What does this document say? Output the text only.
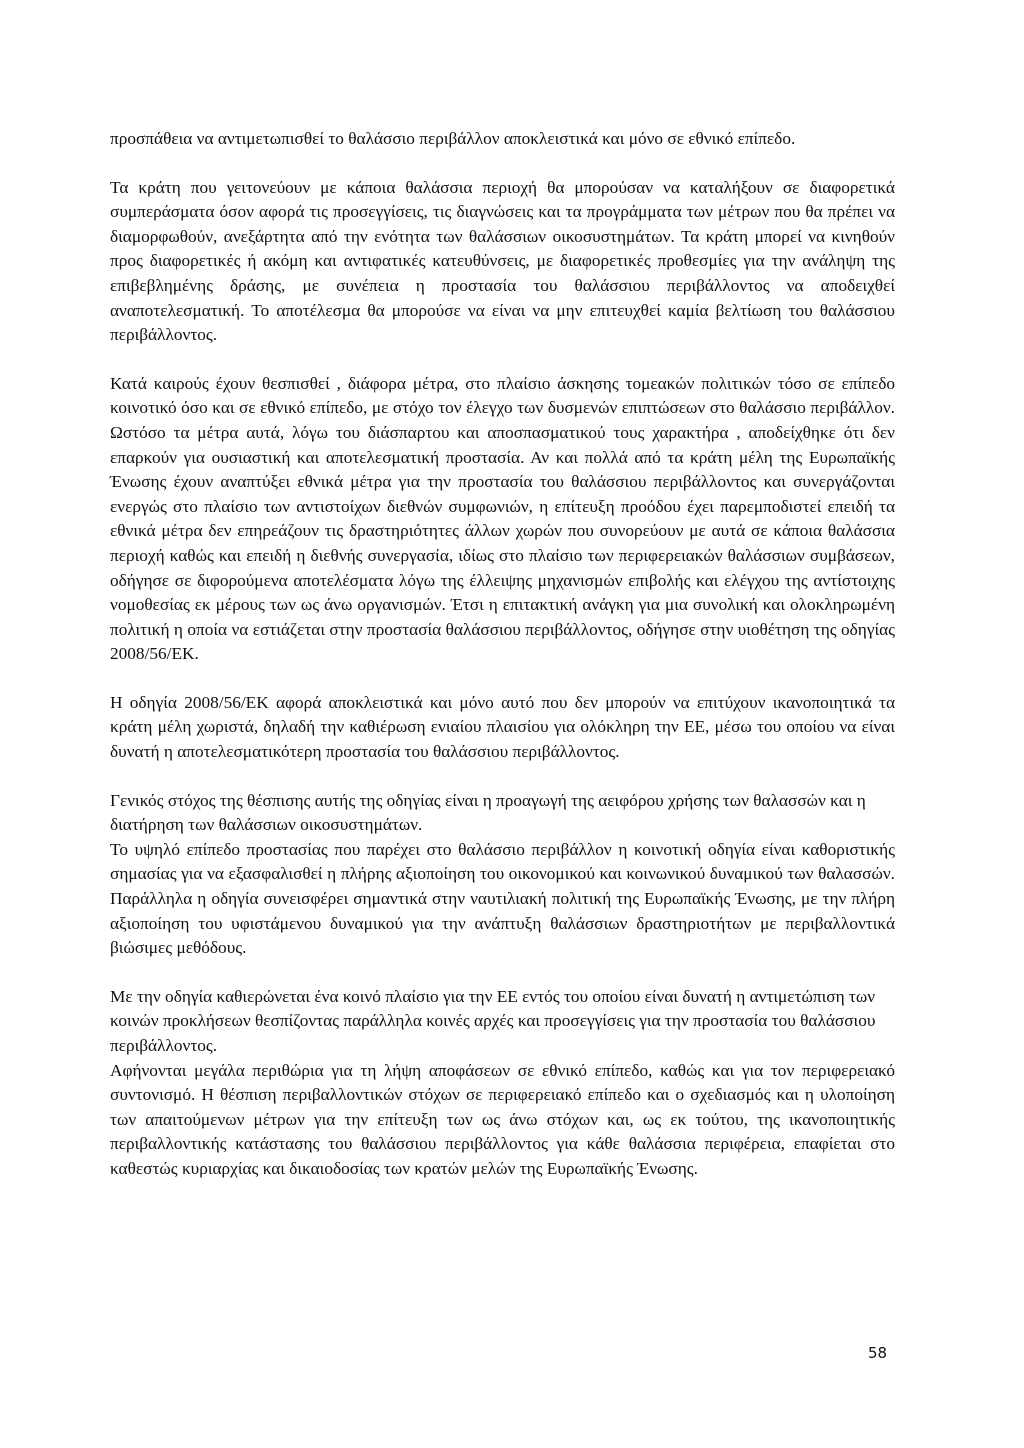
προσπάθεια να αντιμετωπισθεί το θαλάσσιο περιβάλλον αποκλειστικά και μόνο σε εθνικό επίπεδο.

Τα κράτη που γειτονεύουν με κάποια θαλάσσια περιοχή θα μπορούσαν να καταλήξουν σε διαφορετικά συμπεράσματα όσον αφορά τις προσεγγίσεις, τις διαγνώσεις και τα προγράμματα των μέτρων που θα πρέπει να διαμορφωθούν, ανεξάρτητα από την ενότητα των θαλάσσιων οικοσυστημάτων. Τα κράτη μπορεί να κινηθούν προς διαφορετικές ή ακόμη και αντιφατικές κατευθύνσεις, με διαφορετικές προθεσμίες για την ανάληψη της επιβεβλημένης δράσης, με συνέπεια η προστασία του θαλάσσιου περιβάλλοντος να αποδειχθεί αναποτελεσματική. Το αποτέλεσμα θα μπορούσε να είναι να μην επιτευχθεί καμία βελτίωση του θαλάσσιου περιβάλλοντος.

Κατά καιρούς έχουν θεσπισθεί , διάφορα μέτρα, στο πλαίσιο άσκησης τομεακών πολιτικών τόσο σε επίπεδο κοινοτικό όσο και σε εθνικό επίπεδο, με στόχο τον έλεγχο των δυσμενών επιπτώσεων στο θαλάσσιο περιβάλλον. Ωστόσο τα μέτρα αυτά, λόγω του διάσπαρτου και αποσπασματικού τους χαρακτήρα , αποδείχθηκε ότι δεν επαρκούν για ουσιαστική και αποτελεσματική προστασία. Αν και πολλά από τα κράτη μέλη της Ευρωπαϊκής Ένωσης έχουν αναπτύξει εθνικά μέτρα για την προστασία του θαλάσσιου περιβάλλοντος και συνεργάζονται ενεργώς στο πλαίσιο των αντιστοίχων διεθνών συμφωνιών, η επίτευξη προόδου έχει παρεμποδιστεί επειδή τα εθνικά μέτρα δεν επηρεάζουν τις δραστηριότητες άλλων χωρών που συνορεύουν με αυτά σε κάποια θαλάσσια περιοχή καθώς και επειδή η διεθνής συνεργασία, ιδίως στο πλαίσιο των περιφερειακών θαλάσσιων συμβάσεων, οδήγησε σε διφορούμενα αποτελέσματα λόγω της έλλειψης μηχανισμών επιβολής και ελέγχου της αντίστοιχης νομοθεσίας εκ μέρους των ως άνω οργανισμών. Έτσι η επιτακτική ανάγκη για μια συνολική και ολοκληρωμένη πολιτική η οποία να εστιάζεται στην προστασία θαλάσσιου περιβάλλοντος, οδήγησε στην υιοθέτηση της οδηγίας 2008/56/ΕΚ.

Η οδηγία 2008/56/ΕΚ αφορά αποκλειστικά και μόνο αυτό που δεν μπορούν να επιτύχουν ικανοποιητικά τα κράτη μέλη χωριστά, δηλαδή την καθιέρωση ενιαίου πλαισίου για ολόκληρη την ΕΕ, μέσω του οποίου να είναι δυνατή η αποτελεσματικότερη προστασία του θαλάσσιου περιβάλλοντος.

Γενικός στόχος της θέσπισης αυτής της οδηγίας είναι η προαγωγή της αειφόρου χρήσης των θαλασσών και η διατήρηση των θαλάσσιων οικοσυστημάτων.

Το υψηλό επίπεδο προστασίας που παρέχει στο θαλάσσιο περιβάλλον η κοινοτική οδηγία είναι καθοριστικής σημασίας για να εξασφαλισθεί η πλήρης αξιοποίηση του οικονομικού και κοινωνικού δυναμικού των θαλασσών. Παράλληλα η οδηγία συνεισφέρει σημαντικά στην ναυτιλιακή πολιτική της Ευρωπαϊκής Ένωσης, με την πλήρη αξιοποίηση του υφιστάμενου δυναμικού για την ανάπτυξη θαλάσσιων δραστηριοτήτων με περιβαλλοντικά βιώσιμες μεθόδους.

Με την οδηγία καθιερώνεται ένα κοινό πλαίσιο για την ΕΕ εντός του οποίου είναι δυνατή η αντιμετώπιση των κοινών προκλήσεων θεσπίζοντας παράλληλα κοινές αρχές και προσεγγίσεις για την προστασία του θαλάσσιου περιβάλλοντος.

Αφήνονται μεγάλα περιθώρια για τη λήψη αποφάσεων σε εθνικό επίπεδο, καθώς και για τον περιφερειακό συντονισμό. Η θέσπιση περιβαλλοντικών στόχων σε περιφερειακό επίπεδο και ο σχεδιασμός και η υλοποίηση των απαιτούμενων μέτρων για την επίτευξη των ως άνω στόχων και, ως εκ τούτου, της ικανοποιητικής περιβαλλοντικής κατάστασης του θαλάσσιου περιβάλλοντος για κάθε θαλάσσια περιφέρεια, επαφίεται στο καθεστώς κυριαρχίας και δικαιοδοσίας των κρατών μελών της Ευρωπαϊκής Ένωσης.

58
